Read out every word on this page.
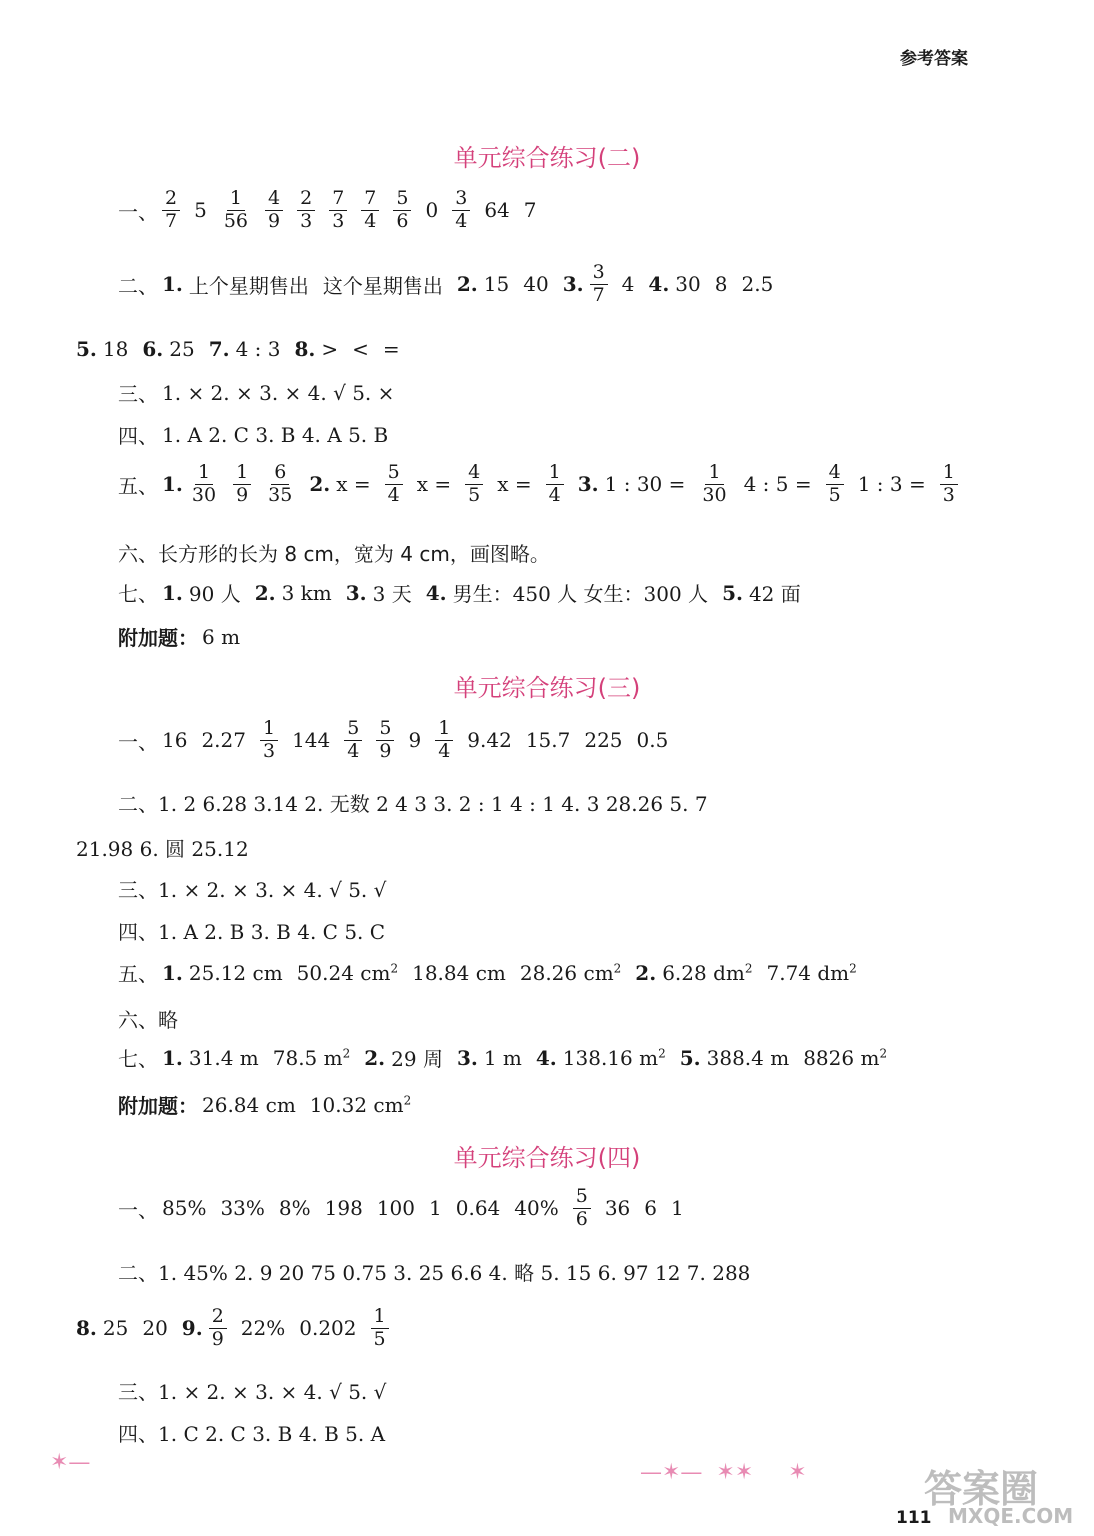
参考答案
单元综合练习(二)
一、 $\frac{2}{7} 5 \frac{1}{56} \frac{4}{9} \frac{2}{3} \frac{7}{3} \frac{7}{4} \frac{5}{6} 0 \frac{3}{4} 64$ 7
二、 1. 上个星期售出 这个星期售出 2. 15 40 3. $\frac{3}{7} 4$ 4. 30 8 2.5
5. 18 6. 25 7. 4 : 3 8. > < =
三、 1. × 2. × 3. × 4. √ 5. ×
四、 1. A 2. C 3. B 4. A 5. B
五、 1. $\frac{1}{30} \frac{1}{9} \frac{6}{35} 2$. $x = \frac{5}{4}$ $x = \frac{4}{5}$ $x = \frac{1}{4} 3$. 1 : $30 = \frac{1}{30} 4$ : $5 = \frac{4}{5} 1$ : $3 = \frac{1}{3}$
六、长方形的长为 8 cm，宽为 4 cm，画图略。
七、 1. 90 人 2. 3 km 3. 3 天 4. 男生：450 人 女生：300 人 5. 42 面
附加题： 6 m
单元综合练习(三)
一、 16 $2.27 \frac{1}{3} 144 \frac{5}{4} \frac{5}{9} 9 \frac{1}{4} 9.42$ 15.7 225 0.5
二、1. 2 6.28 3.14 2. 无数 2 4 3 3. 2 : 1 4 : 1 4. 3 28.26 5. 7
21.98 6. 圆 25.12
三、1. × 2. × 3. × 4. √ 5. √
四、1. A 2. B 3. B 4. C 5. C
五、 1. 25.12 cm 50.24 $cm^2$ 18.84 cm 28.26 $cm^2$ 2. 6.28 $dm^2$ 7.74 $dm^2$
六、略
七、 1. 31.4 m 78.5 $m^2$ 2. 29 周 3. 1 m 4. 138.16 $m^2$ 5. 388.4 m 8826 $m^2$
附加题： 26.84 cm 10.32 $cm^2$
单元综合练习(四)
一、 85% 33% 8% 198 100 1 0.64 $40\% \frac{5}{6} 36$ 6 1
二、1. 45% 2. 9 20 75 0.75 3. 25 6.6 4. 略 5. 15 6. 97 12 7. 288
8. 25 20 9. $\frac{2}{9} 22\%$ $0.202 \frac{1}{5}$
三、1. × 2. × 3. × 4. √ 5. √
四、1. C 2. C 3. B 4. B 5. A
✶—	—✶—  ✶✶     ✶	答案圈
MXQE.COM
111
